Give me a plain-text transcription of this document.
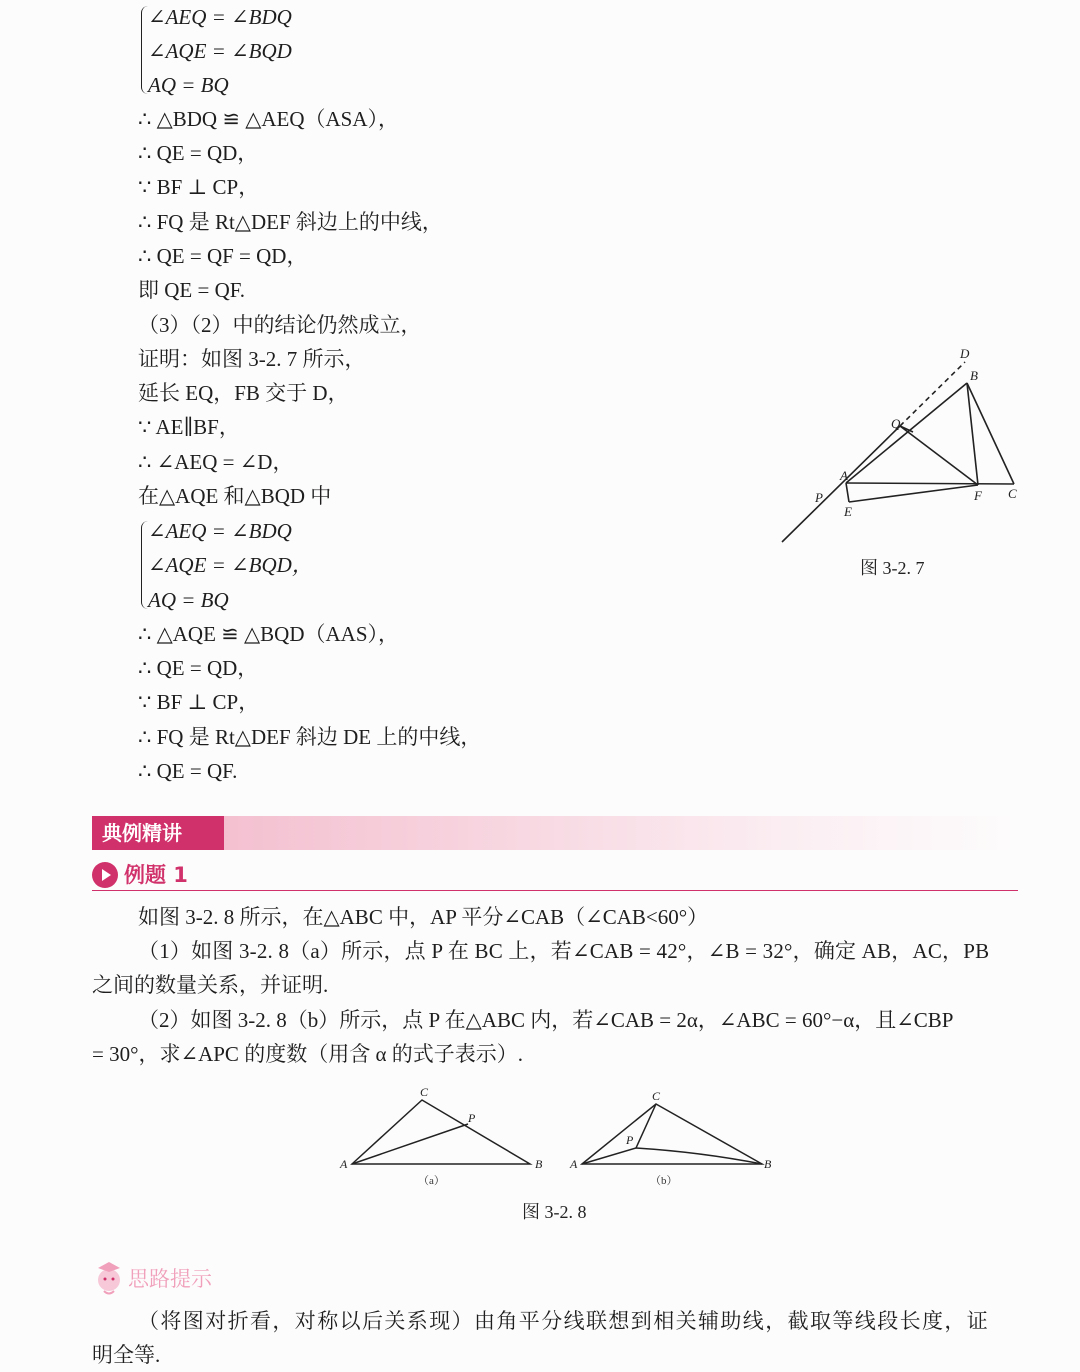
∠AEQ = ∠BDQ
∠AQE = ∠BQD
AQ = BQ
∴ △BDQ ≌ △AEQ（ASA），
∴ QE = QD，
∵ BF ⊥ CP，
∴ FQ 是 Rt△DEF 斜边上的中线，
∴ QE = QF = QD，
即 QE = QF.
（3）（2）中的结论仍然成立，
证明：如图 3-2. 7 所示，
延长 EQ，FB 交于 D，
∵ AE∥BF，
∴ ∠AEQ = ∠D，
在△AQE 和△BQD 中
∠AEQ = ∠BDQ
∠AQE = ∠BQD，
AQ = BQ
∴ △AQE ≌ △BQD（AAS），
∴ QE = QD，
∵ BF ⊥ CP，
∴ FQ 是 Rt△DEF 斜边 DE 上的中线，
∴ QE = QF.
D
B
Q
A
P
E
F C
图 3-2. 7
典例精讲
例题 1
如图 3-2. 8 所示，在△ABC 中，AP 平分∠CAB（∠CAB<60°）
（1）如图 3-2. 8（a）所示，点 P 在 BC 上，若∠CAB = 42°，∠B = 32°，确定 AB，AC，PB
之间的数量关系，并证明.
（2）如图 3-2. 8（b）所示，点 P 在△ABC 内，若∠CAB = 2α，∠ABC = 60°−α，且∠CBP
= 30°，求∠APC 的度数（用含 α 的式子表示）.
A
C
P
B A
C
P
B
（a）	（b）
图 3-2. 8
思路提示
（将图对折看，对称以后关系现）由角平分线联想到相关辅助线，截取等线段长度，证
明全等.
